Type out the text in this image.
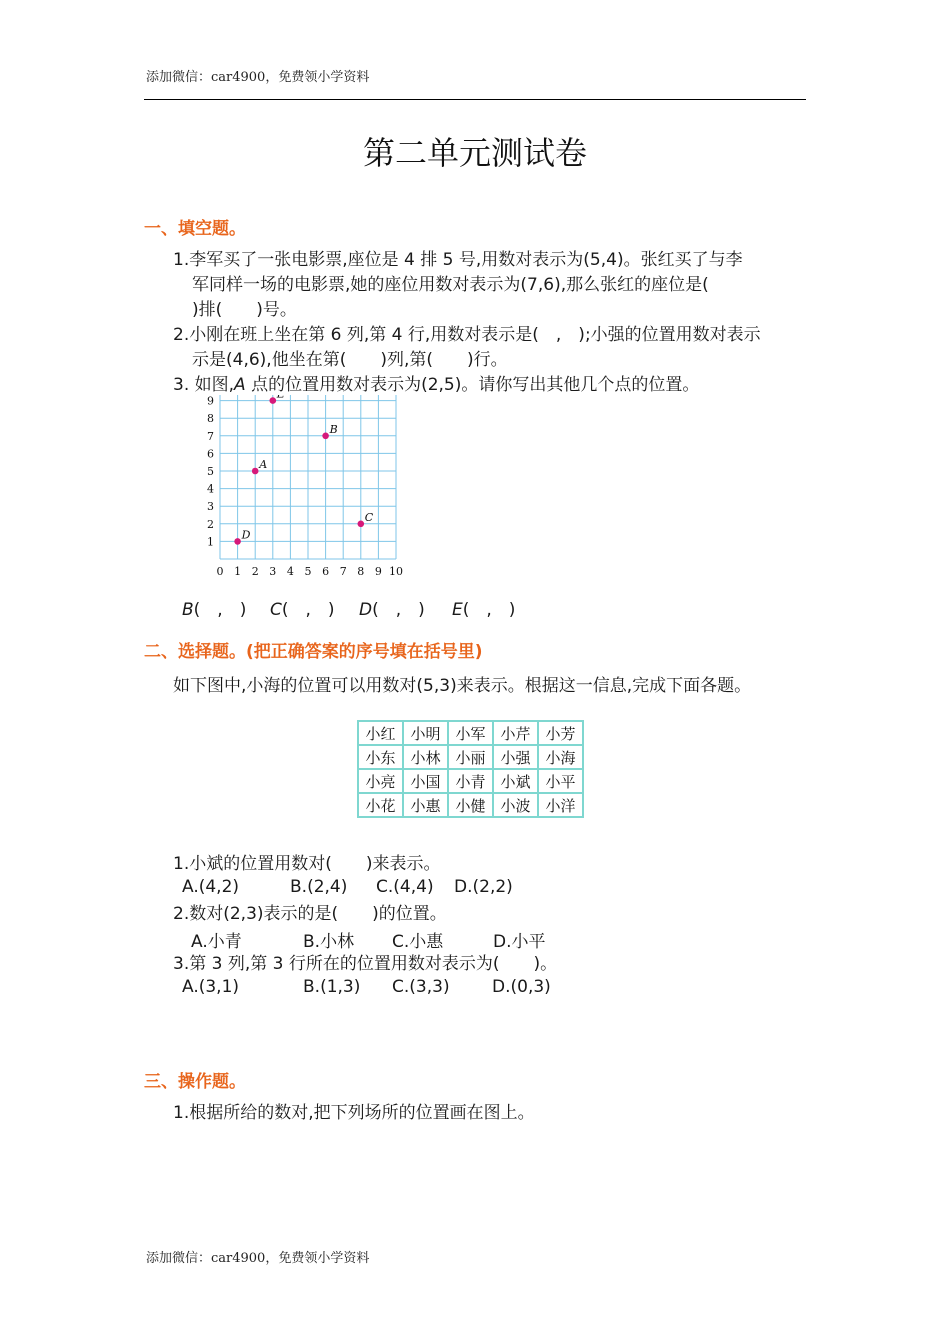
添加微信：car4900，免费领小学资料
第二单元测试卷
一、填空题。
1.李军买了一张电影票,座位是 4 排 5 号,用数对表示为(5,4)。张红买了与李
军同样一场的电影票,她的座位用数对表示为(7,6),那么张红的座位是(
)排(　　)号。
2.小刚在班上坐在第 6 列,第 4 行,用数对表示是(　,　);小强的位置用数对表示
示是(4,6),他坐在第(　　)列,第(　　)行。
3. 如图,A 点的位置用数对表示为(2,5)。请你写出其他几个点的位置。
0 1 2 3 4 5 6 7 8 9 10
1
2
3
4
5
6
7
8
9
A
B
C
D
B(　,　) C(　,　) D(　,　) E(　,　)
二、选择题。(把正确答案的序号填在括号里)
如下图中,小海的位置可以用数对(5,3)来表示。根据这一信息,完成下面各题。
小红	小明	小军	小芹	小芳
小东	小林	小丽	小强	小海
小亮	小国	小青	小斌	小平
小花	小惠	小健	小波	小洋
1.小斌的位置用数对(　　)来表示。
A.(4,2)	B.(2,4) C.(4,4) D.(2,2)
2.数对(2,3)表示的是(　　)的位置。
A.小青	B.小林 C.小惠	D.小平
3.第 3 列,第 3 行所在的位置用数对表示为(　　)。
A.(3,1)	B.(1,3) C.(3,3) D.(0,3)
三、操作题。
1.根据所给的数对,把下列场所的位置画在图上。
添加微信：car4900，免费领小学资料
